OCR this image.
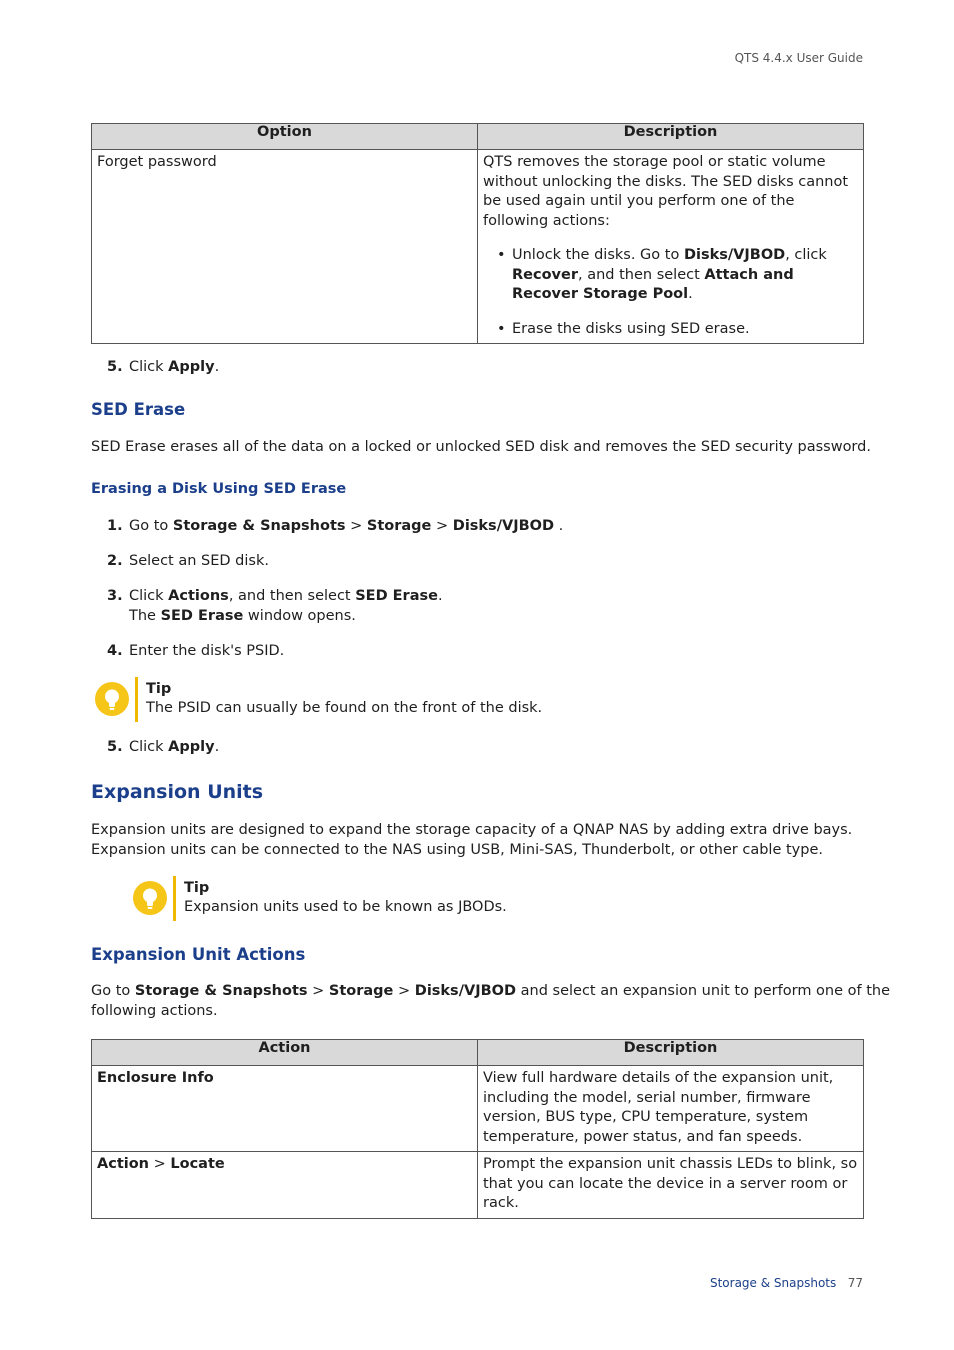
QTS 4.4.x User Guide
Option	Description
Forget password	QTS removes the storage pool or static volume without unlocking the disks. The SED disks cannot be used again until you perform one of the following actions:
• Unlock the disks. Go to Disks/VJBOD, click Recover, and then select Attach and Recover Storage Pool.
• Erase the disks using SED erase.
5. Click Apply.
SED Erase
SED Erase erases all of the data on a locked or unlocked SED disk and removes the SED security password.
Erasing a Disk Using SED Erase
1. Go to Storage & Snapshots > Storage > Disks/VJBOD .
2. Select an SED disk.
3. Click Actions, and then select SED Erase.
The SED Erase window opens.
4. Enter the disk's PSID.
Tip
The PSID can usually be found on the front of the disk.
5. Click Apply.
Expansion Units
Expansion units are designed to expand the storage capacity of a QNAP NAS by adding extra drive bays.
Expansion units can be connected to the NAS using USB, Mini-SAS, Thunderbolt, or other cable type.
Tip
Expansion units used to be known as JBODs.
Expansion Unit Actions
Go to Storage & Snapshots > Storage > Disks/VJBOD and select an expansion unit to perform one of the
following actions.
Action	Description
Enclosure Info	View full hardware details of the expansion unit, including the model, serial number, firmware version, BUS type, CPU temperature, system temperature, power status, and fan speeds.
Action > Locate	Prompt the expansion unit chassis LEDs to blink, so that you can locate the device in a server room or rack.
Storage & Snapshots 77
